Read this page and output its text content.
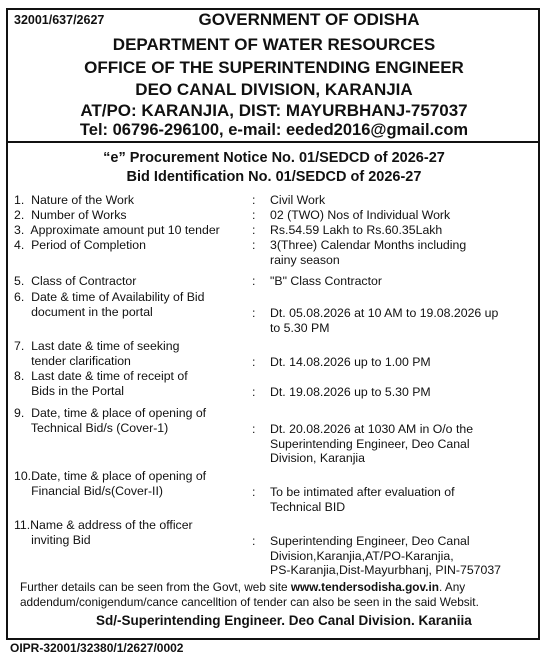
32001/637/2627	GOVERNMENT OF ODISHA
DEPARTMENT OF WATER RESOURCES
OFFICE OF THE SUPERINTENDING ENGINEER
DEO CANAL DIVISION, KARANJIA
AT/PO: KARANJIA, DIST: MAYURBHANJ-757037
Tel: 06796-296100, e-mail: eeded2016@gmail.com
“e” Procurement Notice No. 01/SEDCD of 2026-27
Bid Identification No. 01/SEDCD of 2026-27
1.  Nature of the Work	: Civil Work
2.  Number of Works	: 02 (TWO) Nos of Individual Work
3.  Approximate amount put 10 tender	: Rs.54.59 Lakh to Rs.60.35Lakh
4.  Period of Completion	: 3(Three) Calendar Months including
rainy season
5.  Class of Contractor	: "B" Class Contractor
6.  Date & time of Availability of Bid
document in the portal	: Dt. 05.08.2026 at 10 AM to 19.08.2026 up
to 5.30 PM
7.  Last date & time of seeking
tender clarification	: Dt. 14.08.2026 up to 1.00 PM
8.  Last date & time of receipt of
Bids in the Portal	: Dt. 19.08.2026 up to 5.30 PM
9.  Date, time & place of opening of
Technical Bid/s (Cover-1)	: Dt. 20.08.2026 at 1030 AM in O/o the
Superintending Engineer, Deo Canal
Division, Karanjia
10.Date, time & place of opening of
Financial Bid/s(Cover-II)	: To be intimated after evaluation of
Technical BID
11.Name & address of the officer
inviting Bid	: Superintending Engineer, Deo Canal
Division,Karanjia,AT/PO-Karanjia,
PS-Karanjia,Dist-Mayurbhanj, PIN-757037
Further details can be seen from the Govt, web site www.tendersodisha.gov.in. Any
addendum/conigendum/cance cancelltion of tender can also be seen in the said Websit.
Sd/-Superintending Engineer. Deo Canal Division. Karaniia
OIPR-32001/32380/1/2627/0002
